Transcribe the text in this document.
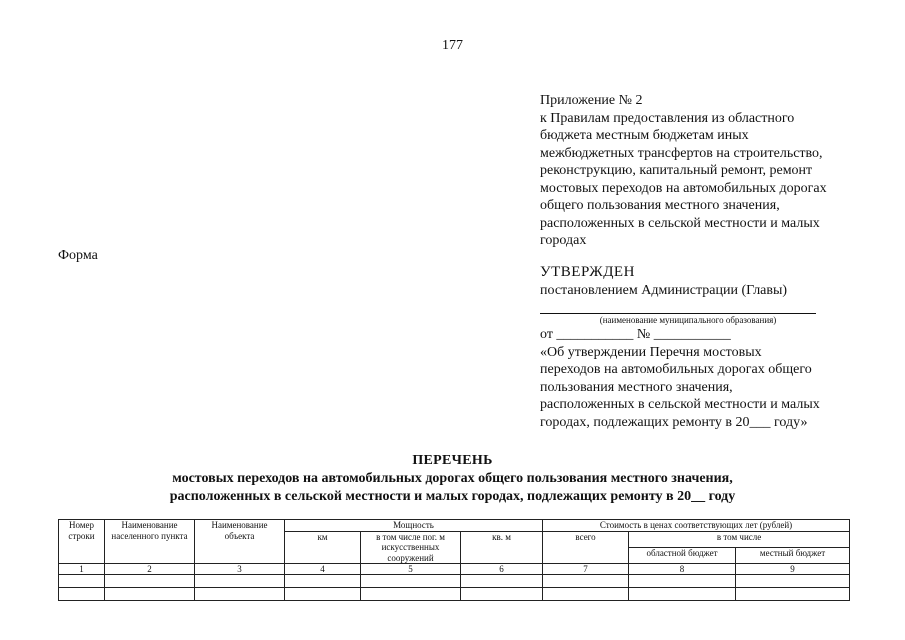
177
Приложение № 2
к Правилам предоставления из областного
бюджета местным бюджетам иных
межбюджетных трансфертов на строительство,
реконструкцию, капитальный ремонт, ремонт
мостовых переходов на автомобильных дорогах
общего пользования местного значения,
расположенных в сельской местности и малых
городах
Форма
УТВЕРЖДЕН
постановлением Администрации (Главы)
(наименование муниципального образования)
от ___________ № ___________
«Об утверждении Перечня мостовых
переходов на автомобильных дорогах общего
пользования местного значения,
расположенных в сельской местности и малых
городах, подлежащих ремонту в 20___ году»
ПЕРЕЧЕНЬ
мостовых переходов на автомобильных дорогах общего пользования местного значения,
расположенных в сельской местности и малых городах, подлежащих ремонту в 20__ году
Номер строки	Наименование населенного пункта	Наименование объекта	Мощность			Стоимость в ценах соответствующих лет (рублей)		
			км	в том числе пог. м искусственных сооружений	кв. м	всего	в том числе	
							областной бюджет	местный бюджет
1	2	3	4	5	6	7	8	9
